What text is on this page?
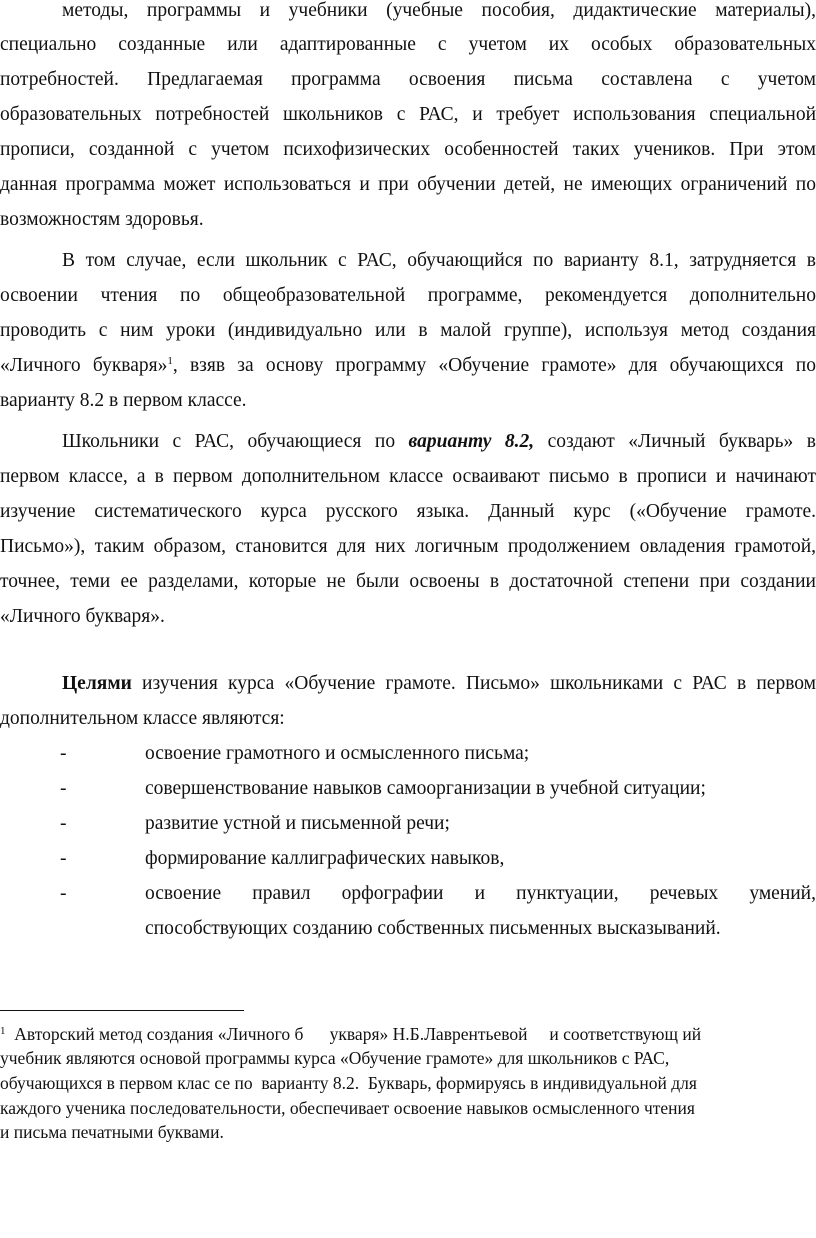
методы, программы и учебники (учебные пособия, дидактические материалы),
специально созданные или адаптированные с учетом их особых образовательных
потребностей. Предлагаемая программа освоения письма составлена с учетом
образовательных потребностей школьников с РАС, и требует использования специальной
прописи, созданной с учетом психофизических особенностей таких учеников. При этом
данная программа может использоваться и при обучении детей, не имеющих ограничений по
возможностям здоровья.
В том случае, если школьник с РАС, обучающийся по варианту 8.1, затрудняется в
освоении чтения по общеобразовательной программе, рекомендуется дополнительно
проводить с ним уроки (индивидуально или в малой группе), используя метод создания
«Личного букваря»$^1$, взяв за основу программу «Обучение грамоте» для обучающихся по
варианту 8.2 в первом классе.
Школьники с РАС, обучающиеся по варианту 8.2, создают «Личный букварь» в
первом классе, а в первом дополнительном классе осваивают письмо в прописи и начинают
изучение систематического курса русского языка. Данный курс («Обучение грамоте.
Письмо»), таким образом, становится для них логичным продолжением овладения грамотой,
точнее, теми ее разделами, которые не были освоены в достаточной степени при создании
«Личного букваря».
Целями изучения курса «Обучение грамоте. Письмо» школьниками с РАС в первом
дополнительном классе являются:
-	освоение грамотного и осмысленного письма;
-	совершенствование навыков самоорганизации в учебной ситуации;
-	развитие устной и письменной речи;
-	формирование каллиграфических навыков,
-	освоение правил орфографии и пунктуации, речевых умений,
способствующих созданию собственных письменных высказываний.
$^1$  Авторский метод создания «Личного б      укваря» Н.Б.Лаврентьевой     и соответствующ ий
учебник являются основой программы курса «Обучение грамоте» для школьников с РАС,
обучающихся в первом клас се по  варианту 8.2.  Букварь, формируясь в индивидуальной для
каждого ученика последовательности, обеспечивает освоение навыков осмысленного чтения
и письма печатными буквами.
